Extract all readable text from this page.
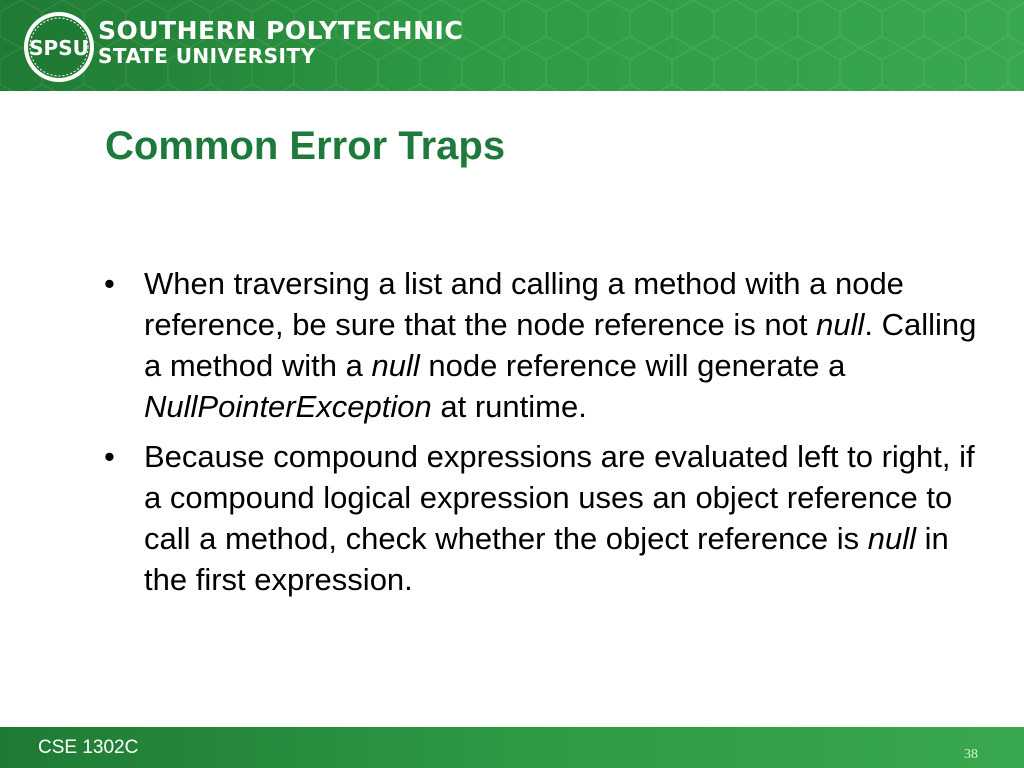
SPSU
SOUTHERN POLYTECHNIC
STATE UNIVERSITY
Common Error Traps
• When traversing a list and calling a method with a node reference, be sure that the node reference is not null. Calling a method with a null node reference will generate a NullPointerException at runtime.
• Because compound expressions are evaluated left to right, if a compound logical expression uses an object reference to call a method, check whether the object reference is null in the first expression.
CSE 1302C	38
